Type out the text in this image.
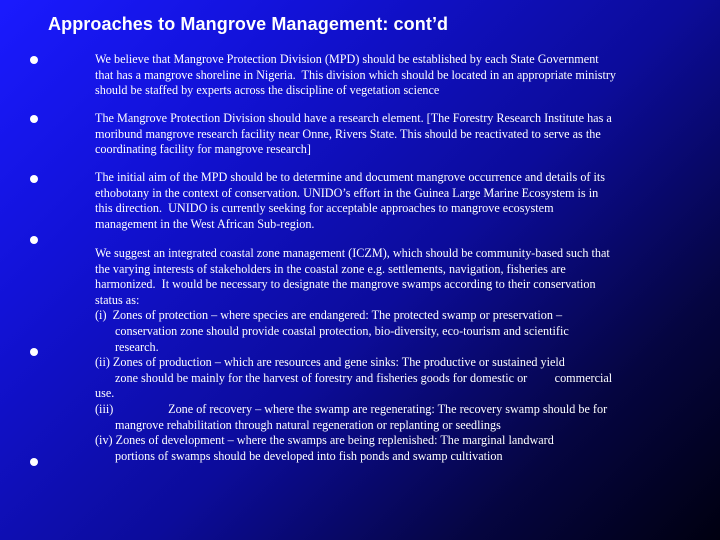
Approaches to Mangrove Management: cont’d

We believe that Mangrove Protection Division (MPD) should be established by each State Government
that has a mangrove shoreline in Nigeria.  This division which should be located in an appropriate ministry
should be staffed by experts across the discipline of vegetation science

The Mangrove Protection Division should have a research element. [The Forestry Research Institute has a
moribund mangrove research facility near Onne, Rivers State. This should be reactivated to serve as the
coordinating facility for mangrove research]

The initial aim of the MPD should be to determine and document mangrove occurrence and details of its
ethobotany in the context of conservation. UNIDO’s effort in the Guinea Large Marine Ecosystem is in
this direction.  UNIDO is currently seeking for acceptable approaches to mangrove ecosystem
management in the West African Sub-region.

We suggest an integrated coastal zone management (ICZM), which should be community-based such that
the varying interests of stakeholders in the coastal zone e.g. settlements, navigation, fisheries are
harmonized.  It would be necessary to designate the mangrove swamps according to their conservation
status as:
(i)  Zones of protection – where species are endangered: The protected swamp or preservation –
conservation zone should provide coastal protection, bio-diversity, eco-tourism and scientific
research.
(ii) Zones of production – which are resources and gene sinks: The productive or sustained yield
zone should be mainly for the harvest of forestry and fisheries goods for domestic or         commercial
use.
(iii)                  Zone of recovery – where the swamp are regenerating: The recovery swamp should be for
mangrove rehabilitation through natural regeneration or replanting or seedlings
(iv) Zones of development – where the swamps are being replenished: The marginal landward
portions of swamps should be developed into fish ponds and swamp cultivation
